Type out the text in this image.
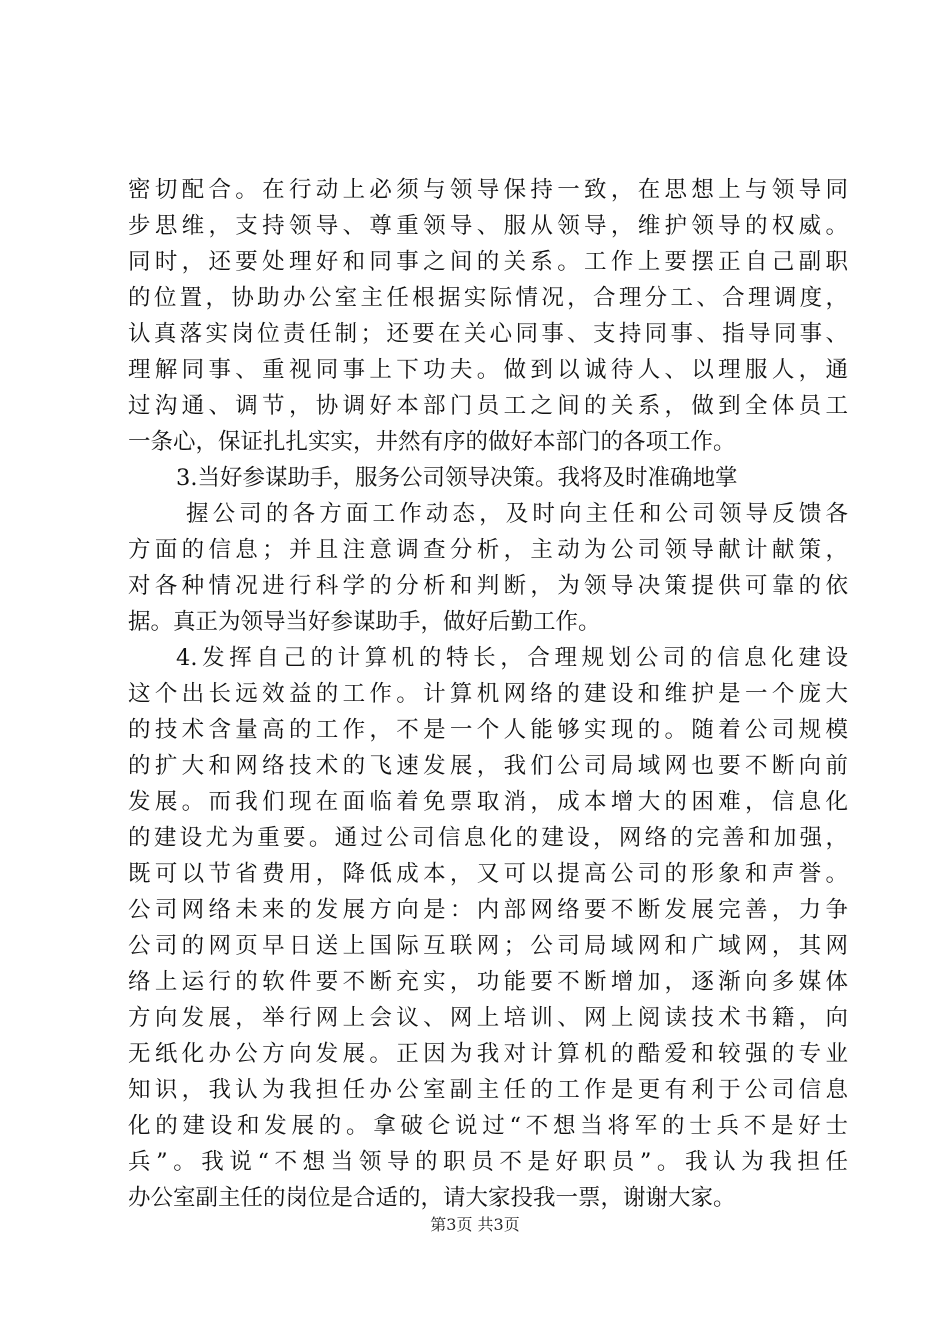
密切配合。在行动上必须与领导保持一致，在思想上与领导同
步思维，支持领导、尊重领导、服从领导，维护领导的权威。
同时，还要处理好和同事之间的关系。工作上要摆正自己副职
的位置，协助办公室主任根据实际情况，合理分工、合理调度，
认真落实岗位责任制；还要在关心同事、支持同事、指导同事、
理解同事、重视同事上下功夫。做到以诚待人、以理服人，通
过沟通、调节，协调好本部门员工之间的关系，做到全体员工
一条心，保证扎扎实实，井然有序的做好本部门的各项工作。
3.当好参谋助手，服务公司领导决策。我将及时准确地掌
握公司的各方面工作动态，及时向主任和公司领导反馈各
方面的信息；并且注意调查分析，主动为公司领导献计献策，
对各种情况进行科学的分析和判断，为领导决策提供可靠的依
据。真正为领导当好参谋助手，做好后勤工作。
4.发挥自己的计算机的特长，合理规划公司的信息化建设
这个出长远效益的工作。计算机网络的建设和维护是一个庞大
的技术含量高的工作，不是一个人能够实现的。随着公司规模
的扩大和网络技术的飞速发展，我们公司局域网也要不断向前
发展。而我们现在面临着免票取消，成本增大的困难，信息化
的建设尤为重要。通过公司信息化的建设，网络的完善和加强，
既可以节省费用，降低成本，又可以提高公司的形象和声誉。
公司网络未来的发展方向是：内部网络要不断发展完善，力争
公司的网页早日送上国际互联网；公司局域网和广域网，其网
络上运行的软件要不断充实，功能要不断增加，逐渐向多媒体
方向发展，举行网上会议、网上培训、网上阅读技术书籍，向
无纸化办公方向发展。正因为我对计算机的酷爱和较强的专业
知识，我认为我担任办公室副主任的工作是更有利于公司信息
化的建设和发展的。拿破仑说过“不想当将军的士兵不是好士
兵”。我说“不想当领导的职员不是好职员”。我认为我担任
办公室副主任的岗位是合适的，请大家投我一票，谢谢大家。
第3页 共3页
